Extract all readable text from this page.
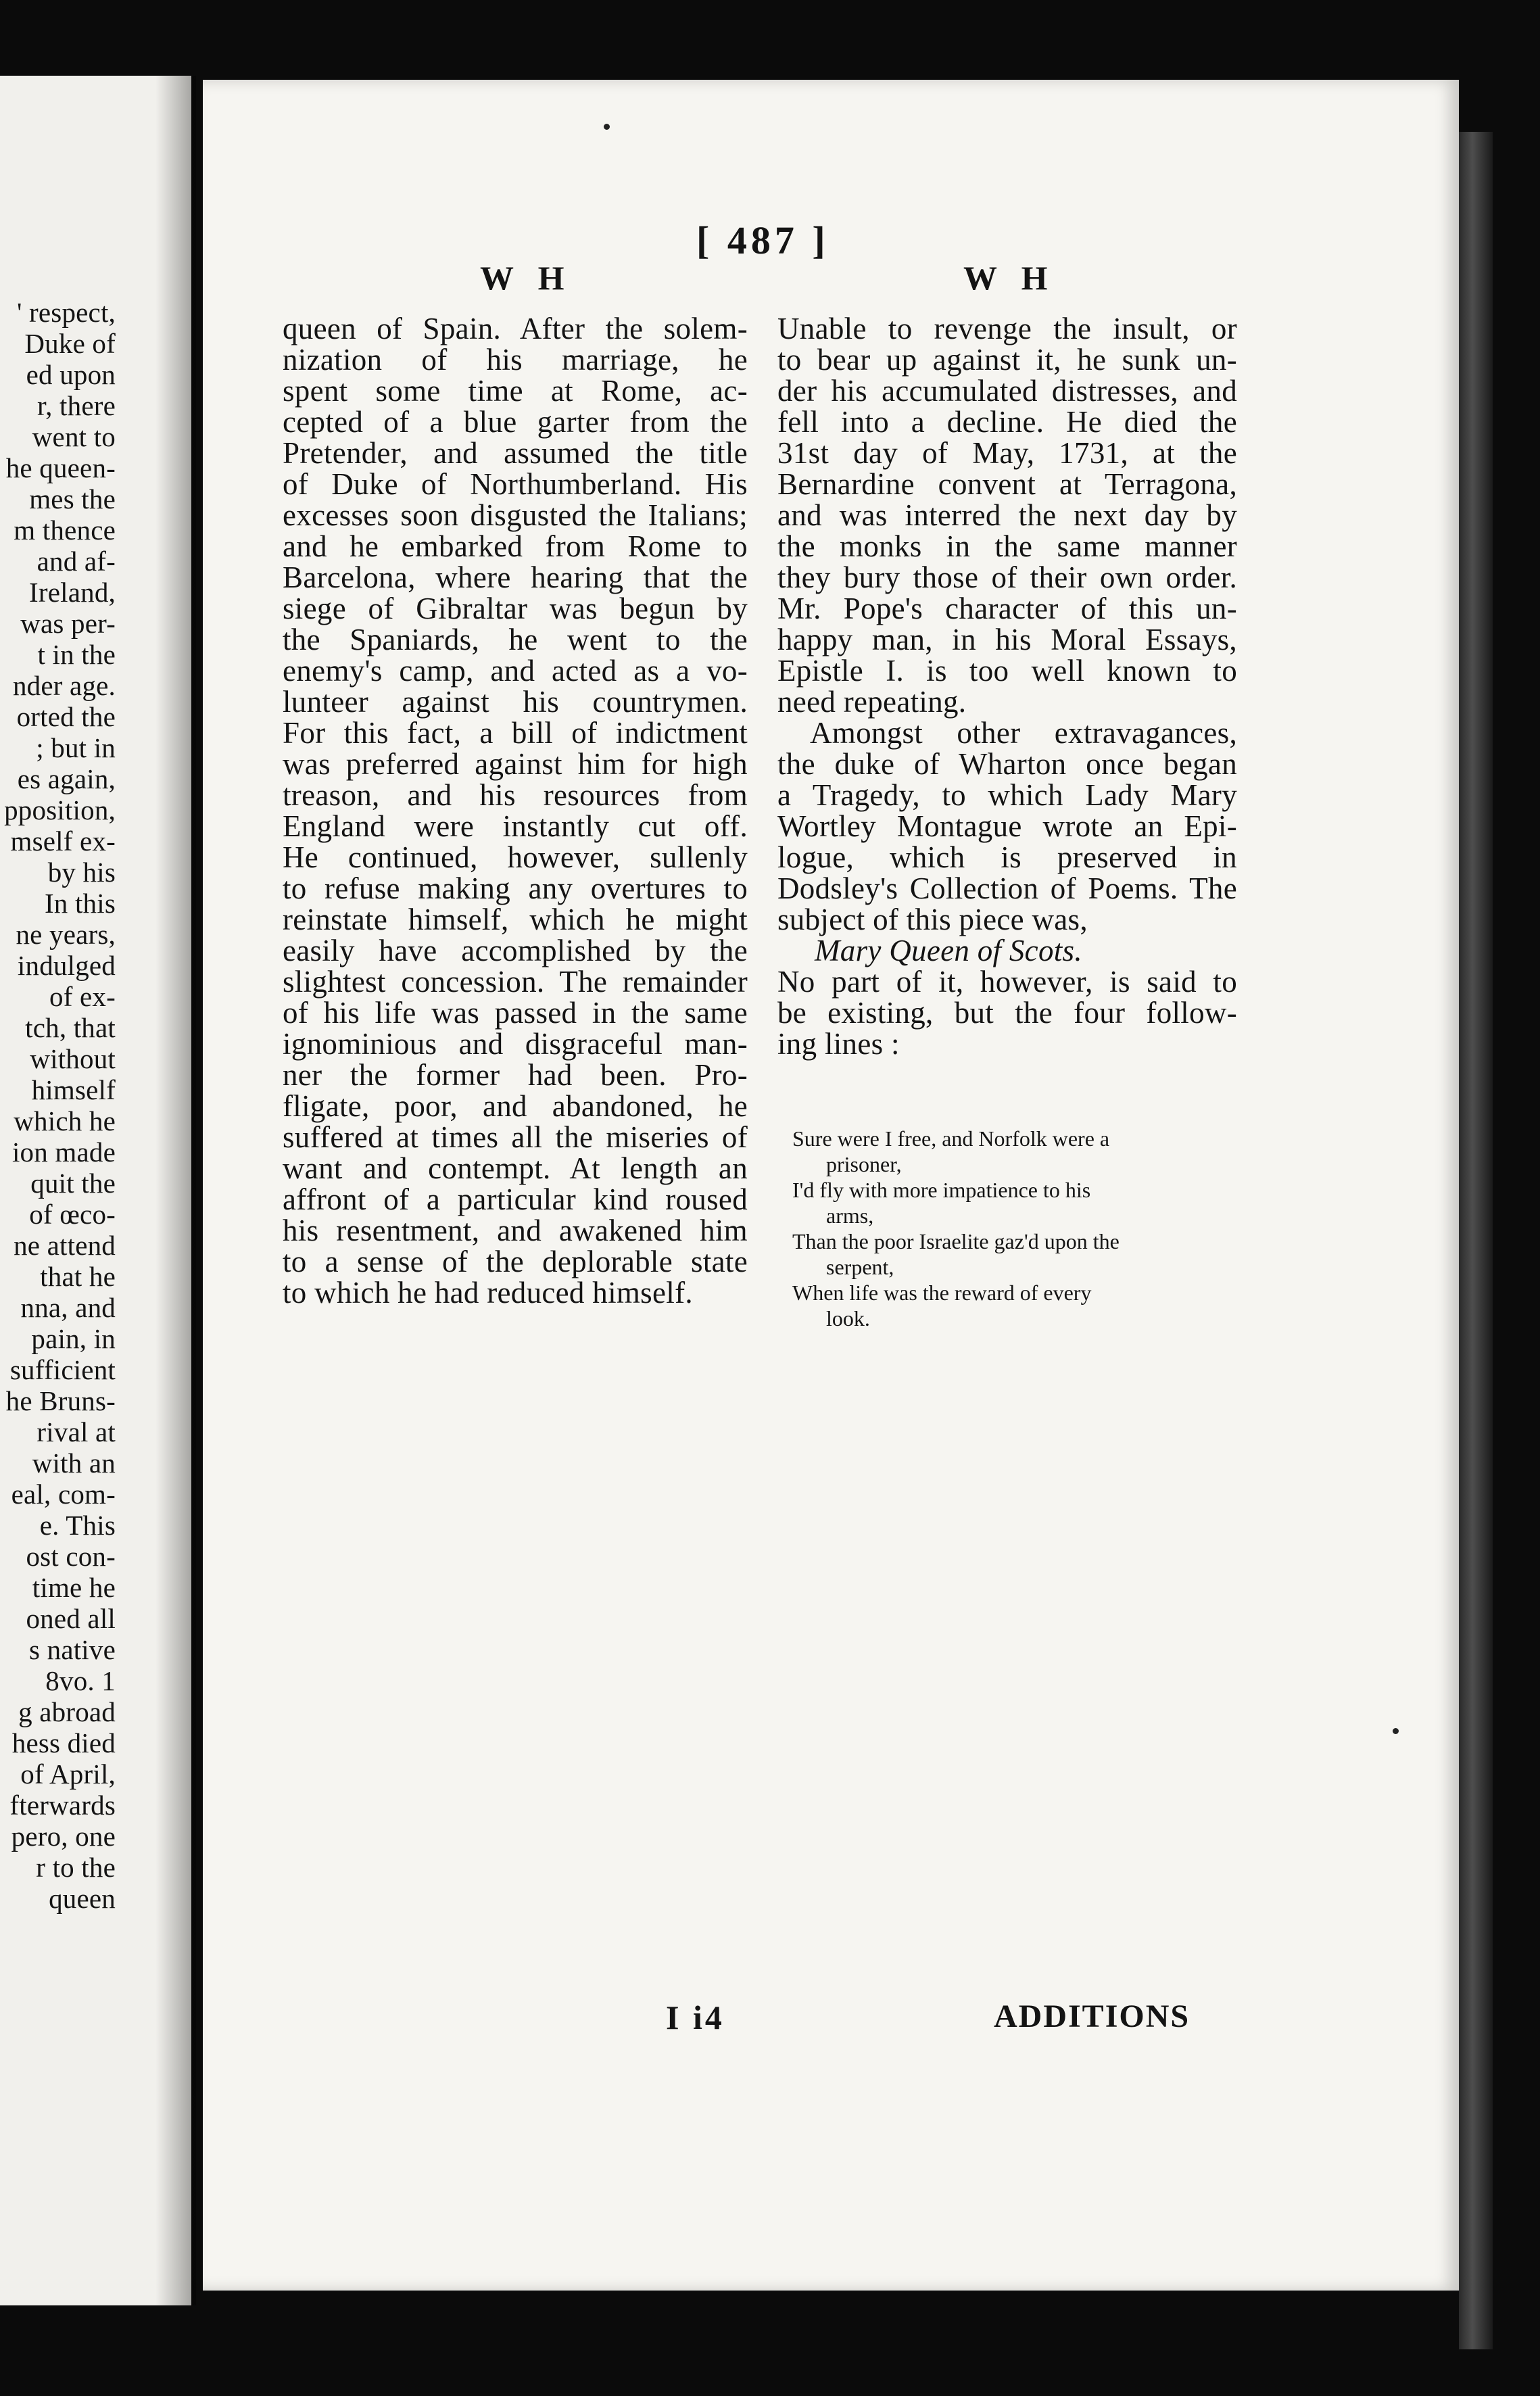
' respect,
Duke of
ed upon
r, there
went to
he queen-
mes the
m thence
and af-
Ireland,
was per-
t in the
nder age.
orted the
; but in
es again,
pposition,
mself ex-
by his
In this
ne years,
indulged
of ex-
tch, that
without
himself
which he
ion made
quit the
of œco-
ne attend
that he
nna, and
pain, in
sufficient
he Bruns-
rival at
with an
eal, com-
e. This
ost con-
time he
oned all
s native
8vo. 1
g abroad
hess died
of April,
fterwards
pero, one
r to the
queen
[ 487 ]
W H	W H
queen of Spain. After the solem-
nization of his marriage, he
spent some time at Rome, ac-
cepted of a blue garter from the
Pretender, and assumed the title
of Duke of Northumberland. His
excesses soon disgusted the Italians;
and he embarked from Rome to
Barcelona, where hearing that the
siege of Gibraltar was begun by
the Spaniards, he went to the
enemy's camp, and acted as a vo-
lunteer against his countrymen.
For this fact, a bill of indictment
was preferred against him for high
treason, and his resources from
England were instantly cut off.
He continued, however, sullenly
to refuse making any overtures to
reinstate himself, which he might
easily have accomplished by the
slightest concession. The remainder
of his life was passed in the same
ignominious and disgraceful man-
ner the former had been. Pro-
fligate, poor, and abandoned, he
suffered at times all the miseries of
want and contempt. At length an
affront of a particular kind roused
his resentment, and awakened him
to a sense of the deplorable state
to which he had reduced himself.
Unable to revenge the insult, or
to bear up against it, he sunk un-
der his accumulated distresses, and
fell into a decline. He died the
31st day of May, 1731, at the
Bernardine convent at Terragona,
and was interred the next day by
the monks in the same manner
they bury those of their own order.
Mr. Pope's character of this un-
happy man, in his Moral Essays,
Epistle I. is too well known to
need repeating.
Amongst other extravagances,
the duke of Wharton once began
a Tragedy, to which Lady Mary
Wortley Montague wrote an Epi-
logue, which is preserved in
Dodsley's Collection of Poems. The
subject of this piece was,
Mary Queen of Scots.
No part of it, however, is said to
be existing, but the four follow-
ing lines :
Sure were I free, and Norfolk were a
prisoner,
I'd fly with more impatience to his
arms,
Than the poor Israelite gaz'd upon the
serpent,
When life was the reward of every
look.
I i4	ADDITIONS
